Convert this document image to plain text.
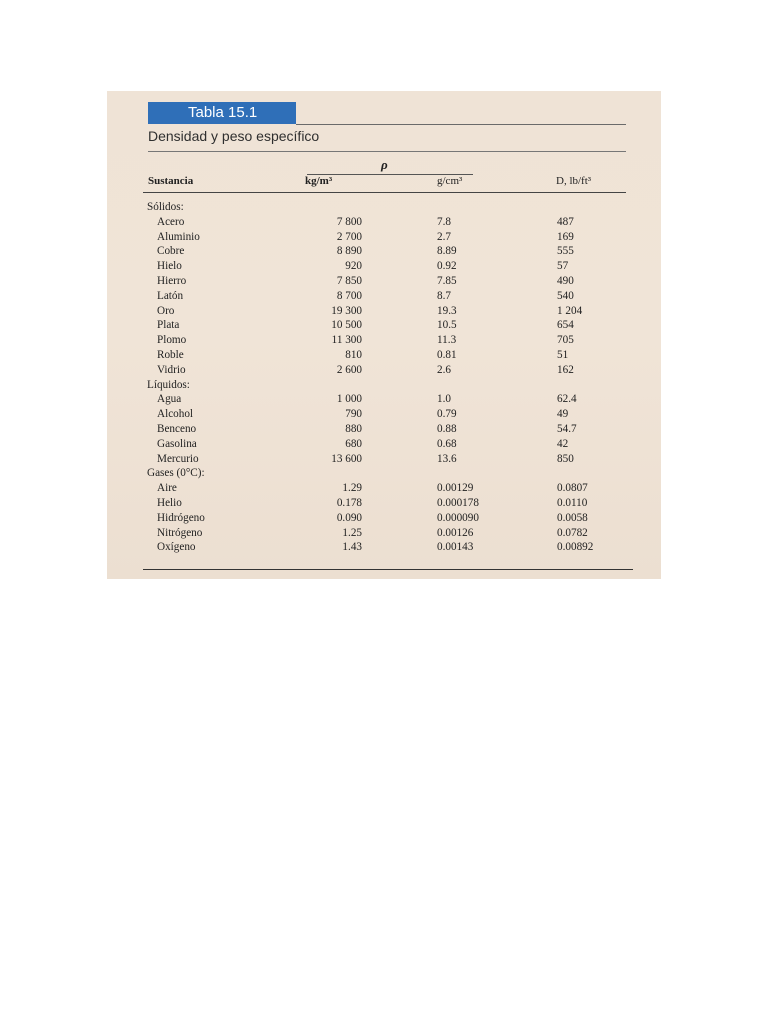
Tabla 15.1
Densidad y peso específico
ρ
Sustancia	kg/m³	g/cm³	D, lb/ft³
Sólidos:
Acero	7 800	7.8	487
Aluminio	2 700	2.7	169
Cobre	8 890	8.89	555
Hielo	920	0.92	57
Hierro	7 850	7.85	490
Latón	8 700	8.7	540
Oro	19 300	19.3	1 204
Plata	10 500	10.5	654
Plomo	11 300	11.3	705
Roble	810	0.81	51
Vidrio	2 600	2.6	162
Líquidos:
Agua	1 000	1.0	62.4
Alcohol	790	0.79	49
Benceno	880	0.88	54.7
Gasolina	680	0.68	42
Mercurio	13 600	13.6	850
Gases (0°C):
Aire	1.29	0.00129	0.0807
Helio	0.178	0.000178	0.0110
Hidrógeno	0.090	0.000090	0.0058
Nitrógeno	1.25	0.00126	0.0782
Oxígeno	1.43	0.00143	0.00892
